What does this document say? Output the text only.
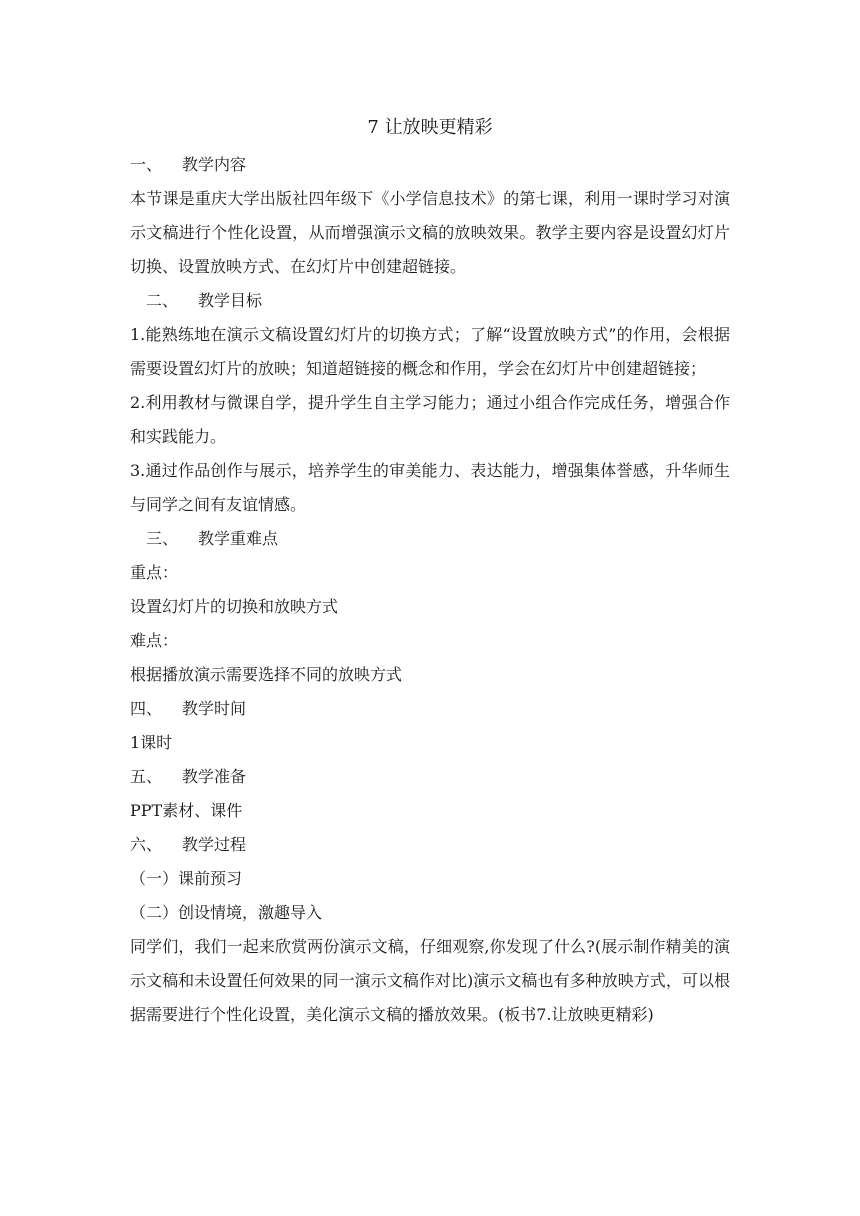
7 让放映更精彩
一、	教学内容

本节课是重庆大学出版社四年级下《小学信息技术》的第七课，利用一课时学习对演示文稿进行个性化设置，从而增强演示文稿的放映效果。教学主要内容是设置幻灯片切换、设置放映方式、在幻灯片中创建超链接。

二、	教学目标

1.能熟练地在演示文稿设置幻灯片的切换方式；了解“设置放映方式”的作用，会根据需要设置幻灯片的放映；知道超链接的概念和作用，学会在幻灯片中创建超链接；

2.利用教材与微课自学，提升学生自主学习能力；通过小组合作完成任务，增强合作和实践能力。

3.通过作品创作与展示，培养学生的审美能力、表达能力，增强集体誉感，升华师生与同学之间有友谊情感。

三、	教学重难点
重点：
设置幻灯片的切换和放映方式
难点：
根据播放演示需要选择不同的放映方式
四、	教学时间
1课时
五、	教学准备
PPT素材、课件
六、	教学过程
（一）课前预习
（二）创设情境，激趣导入

同学们，我们一起来欣赏两份演示文稿，仔细观察,你发现了什么?(展示制作精美的演示文稿和未设置任何效果的同一演示文稿作对比)演示文稿也有多种放映方式，可以根据需要进行个性化设置，美化演示文稿的播放效果。(板书7.让放映更精彩)
